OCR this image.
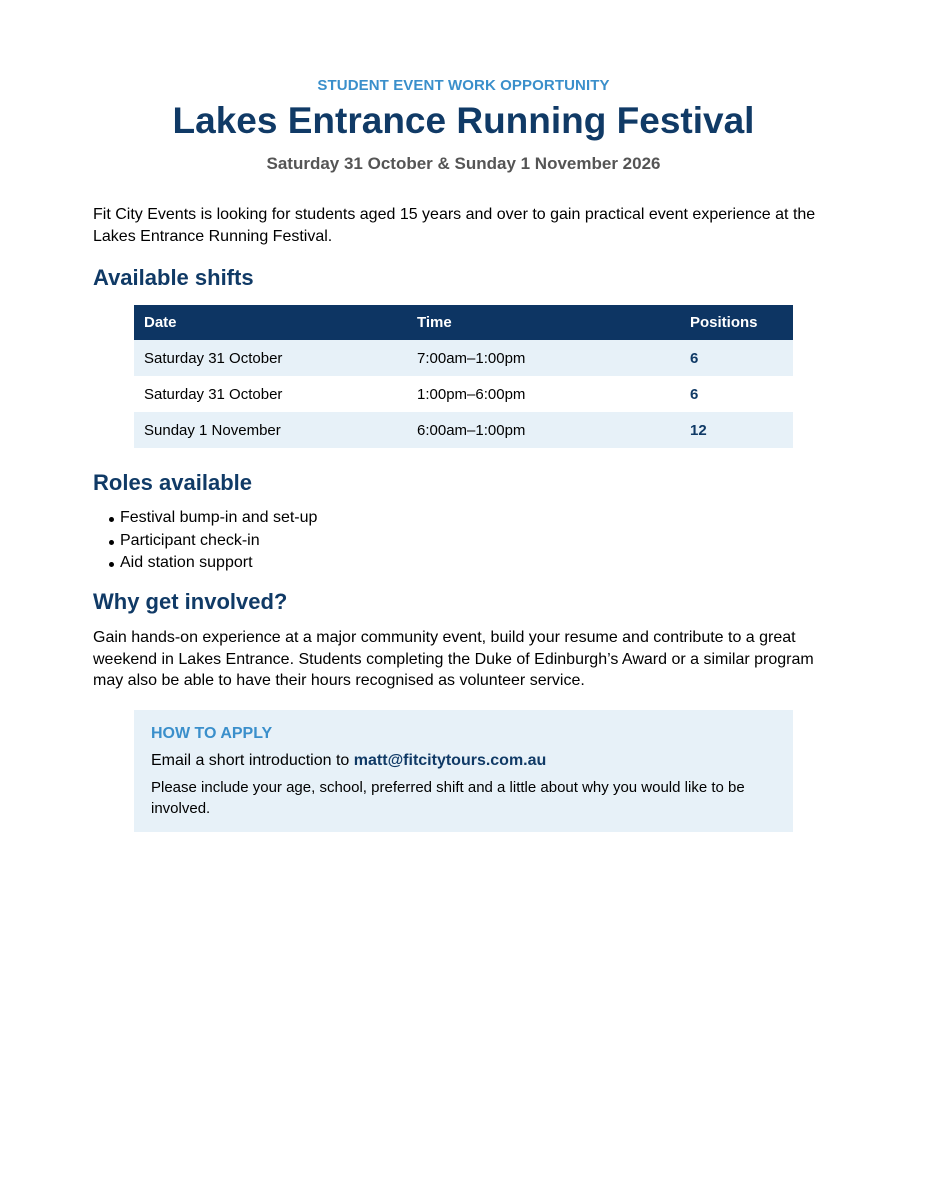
STUDENT EVENT WORK OPPORTUNITY
Lakes Entrance Running Festival
Saturday 31 October & Sunday 1 November 2026

Fit City Events is looking for students aged 15 years and over to gain practical event experience at the Lakes Entrance Running Festival.

Available shifts
Date	Time	Positions
Saturday 31 October	7:00am–1:00pm	6
Saturday 31 October	1:00pm–6:00pm	6
Sunday 1 November	6:00am–1:00pm	12
Roles available
Festival bump-in and set-up
Participant check-in
Aid station support
Why get involved?

Gain hands-on experience at a major community event, build your resume and contribute to a great weekend in Lakes Entrance. Students completing the Duke of Edinburgh’s Award or a similar program may also be able to have their hours recognised as volunteer service.

HOW TO APPLY
Email a short introduction to matt@fitcitytours.com.au
Please include your age, school, preferred shift and a little about why you would like to be involved.
